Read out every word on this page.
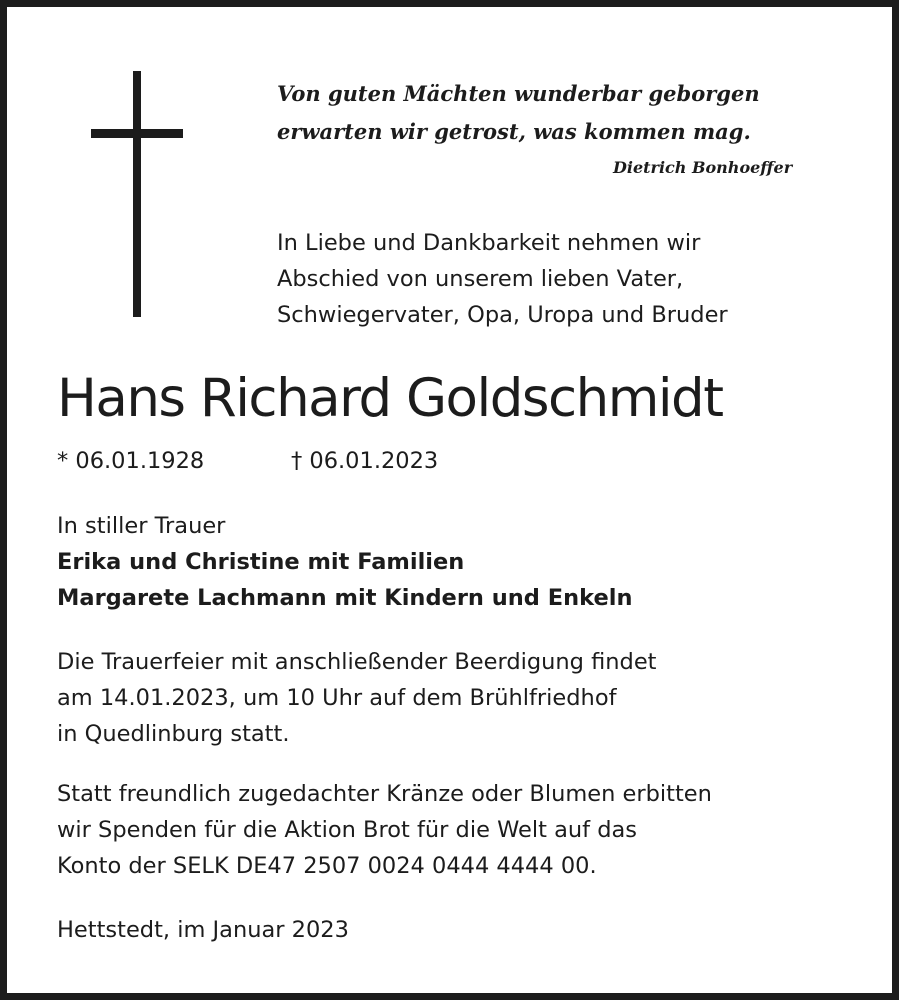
Von guten Mächten wunderbar geborgen
erwarten wir getrost, was kommen mag.
Dietrich Bonhoeffer
In Liebe und Dankbarkeit nehmen wir
Abschied von unserem lieben Vater,
Schwiegervater, Opa, Uropa und Bruder
Hans Richard Goldschmidt
* 06.01.1928	† 06.01.2023
In stiller Trauer
Erika und Christine mit Familien
Margarete Lachmann mit Kindern und Enkeln
Die Trauerfeier mit anschließender Beerdigung findet
am 14.01.2023, um 10 Uhr auf dem Brühlfriedhof
in Quedlinburg statt.
Statt freundlich zugedachter Kränze oder Blumen erbitten
wir Spenden für die Aktion Brot für die Welt auf das
Konto der SELK DE47 2507 0024 0444 4444 00.
Hettstedt, im Januar 2023
